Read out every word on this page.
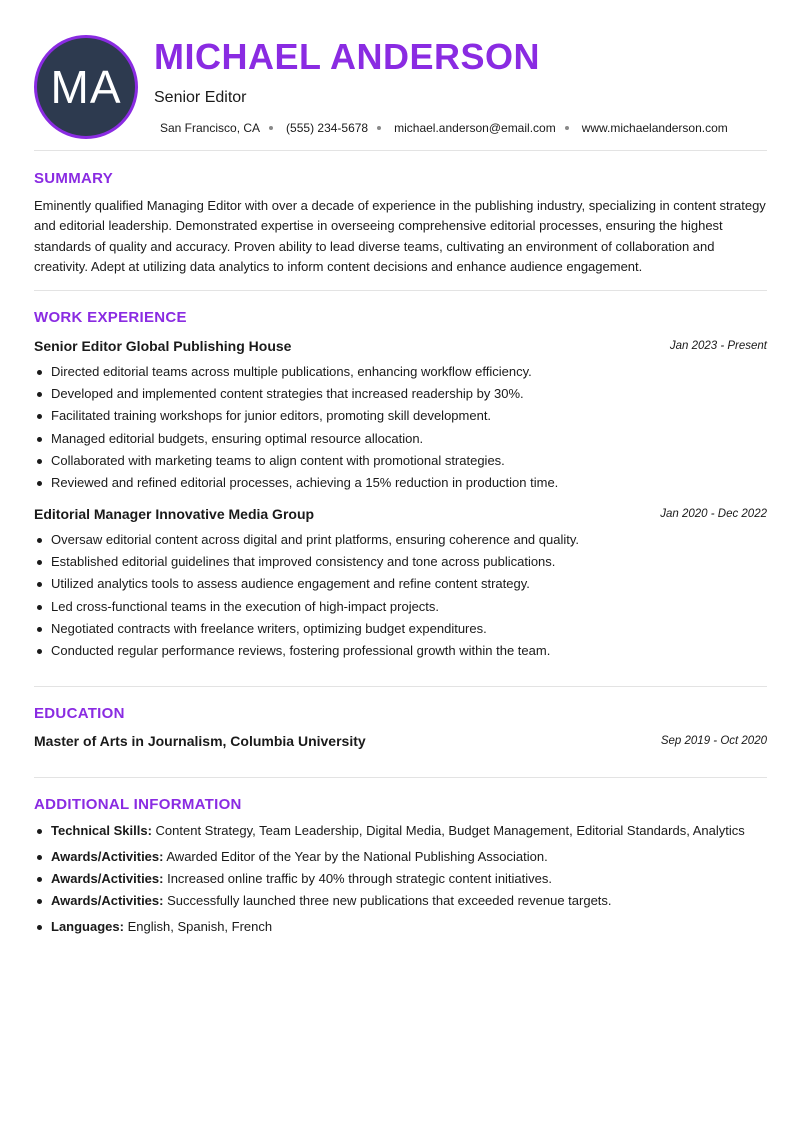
MA
MICHAEL ANDERSON
Senior Editor
San Francisco, CA (555) 234-5678 michael.anderson@email.com www.michaelanderson.com
SUMMARY

Eminently qualified Managing Editor with over a decade of experience in the publishing industry, specializing in content strategy and editorial leadership. Demonstrated expertise in overseeing comprehensive editorial processes, ensuring the highest standards of quality and accuracy. Proven ability to lead diverse teams, cultivating an environment of collaboration and creativity. Adept at utilizing data analytics to inform content decisions and enhance audience engagement.

WORK EXPERIENCE
Senior Editor Global Publishing House	Jan 2023 - Present
Directed editorial teams across multiple publications, enhancing workflow efficiency.
Developed and implemented content strategies that increased readership by 30%.
Facilitated training workshops for junior editors, promoting skill development.
Managed editorial budgets, ensuring optimal resource allocation.
Collaborated with marketing teams to align content with promotional strategies.
Reviewed and refined editorial processes, achieving a 15% reduction in production time.
Editorial Manager Innovative Media Group	Jan 2020 - Dec 2022
Oversaw editorial content across digital and print platforms, ensuring coherence and quality.
Established editorial guidelines that improved consistency and tone across publications.
Utilized analytics tools to assess audience engagement and refine content strategy.
Led cross-functional teams in the execution of high-impact projects.
Negotiated contracts with freelance writers, optimizing budget expenditures.
Conducted regular performance reviews, fostering professional growth within the team.
EDUCATION
Master of Arts in Journalism, Columbia University	Sep 2019 - Oct 2020
ADDITIONAL INFORMATION
Technical Skills: Content Strategy, Team Leadership, Digital Media, Budget Management, Editorial Standards, Analytics
Awards/Activities: Awarded Editor of the Year by the National Publishing Association.
Awards/Activities: Increased online traffic by 40% through strategic content initiatives.
Awards/Activities: Successfully launched three new publications that exceeded revenue targets.
Languages: English, Spanish, French
